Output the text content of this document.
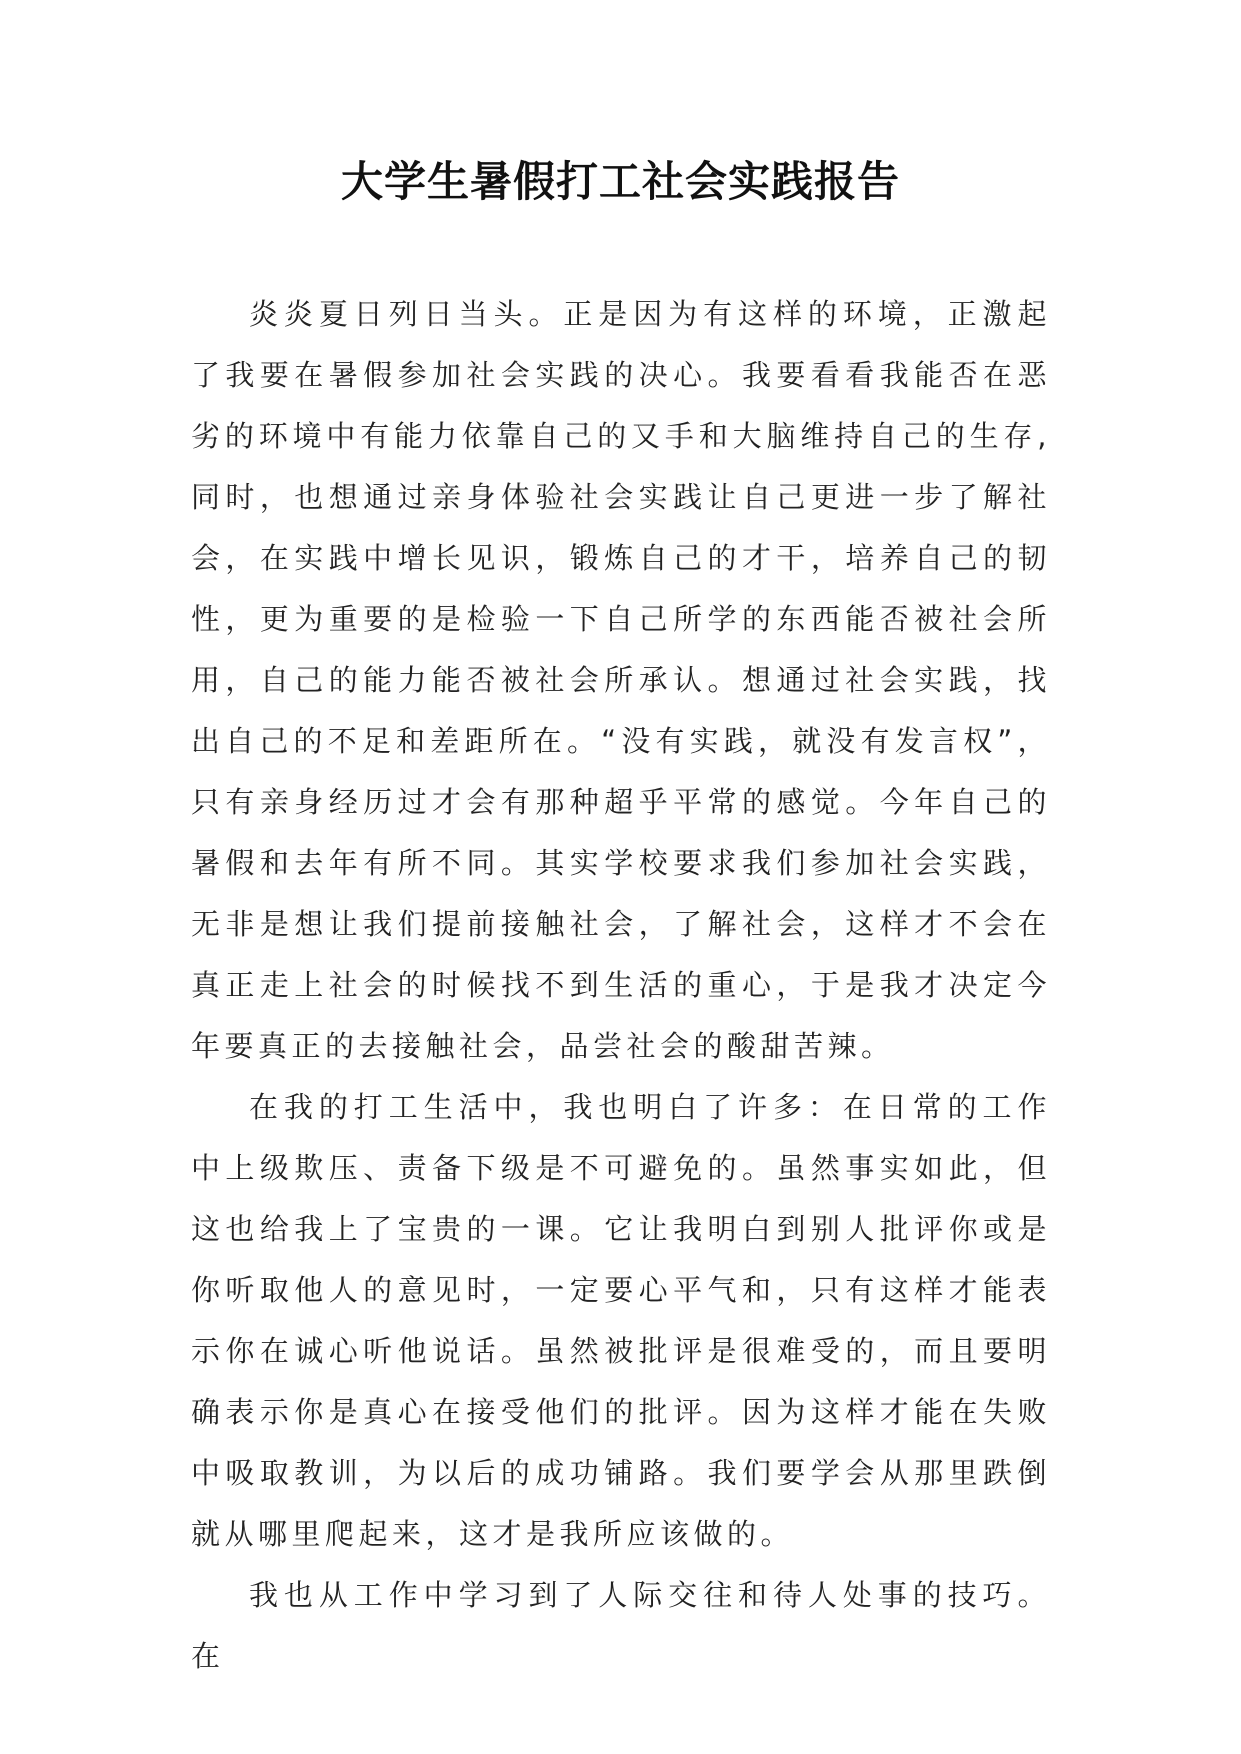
大学生暑假打工社会实践报告

炎炎夏日列日当头。正是因为有这样的环境，正激起了我要在暑假参加社会实践的决心。我要看看我能否在恶劣的环境中有能力依靠自己的又手和大脑维持自己的生存,同时，也想通过亲身体验社会实践让自己更进一步了解社会，在实践中增长见识，锻炼自己的才干，培养自己的韧性，更为重要的是检验一下自己所学的东西能否被社会所用，自己的能力能否被社会所承认。想通过社会实践，找出自己的不足和差距所在。“没有实践，就没有发言权”，只有亲身经历过才会有那种超乎平常的感觉。今年自己的暑假和去年有所不同。其实学校要求我们参加社会实践，无非是想让我们提前接触社会，了解社会，这样才不会在真正走上社会的时候找不到生活的重心，于是我才决定今年要真正的去接触社会，品尝社会的酸甜苦辣。

在我的打工生活中，我也明白了许多：在日常的工作中上级欺压、责备下级是不可避免的。虽然事实如此，但这也给我上了宝贵的一课。它让我明白到别人批评你或是你听取他人的意见时，一定要心平气和，只有这样才能表示你在诚心听他说话。虽然被批评是很难受的，而且要明确表示你是真心在接受他们的批评。因为这样才能在失败中吸取教训，为以后的成功铺路。我们要学会从那里跌倒就从哪里爬起来，这才是我所应该做的。

我也从工作中学习到了人际交往和待人处事的技巧。在
